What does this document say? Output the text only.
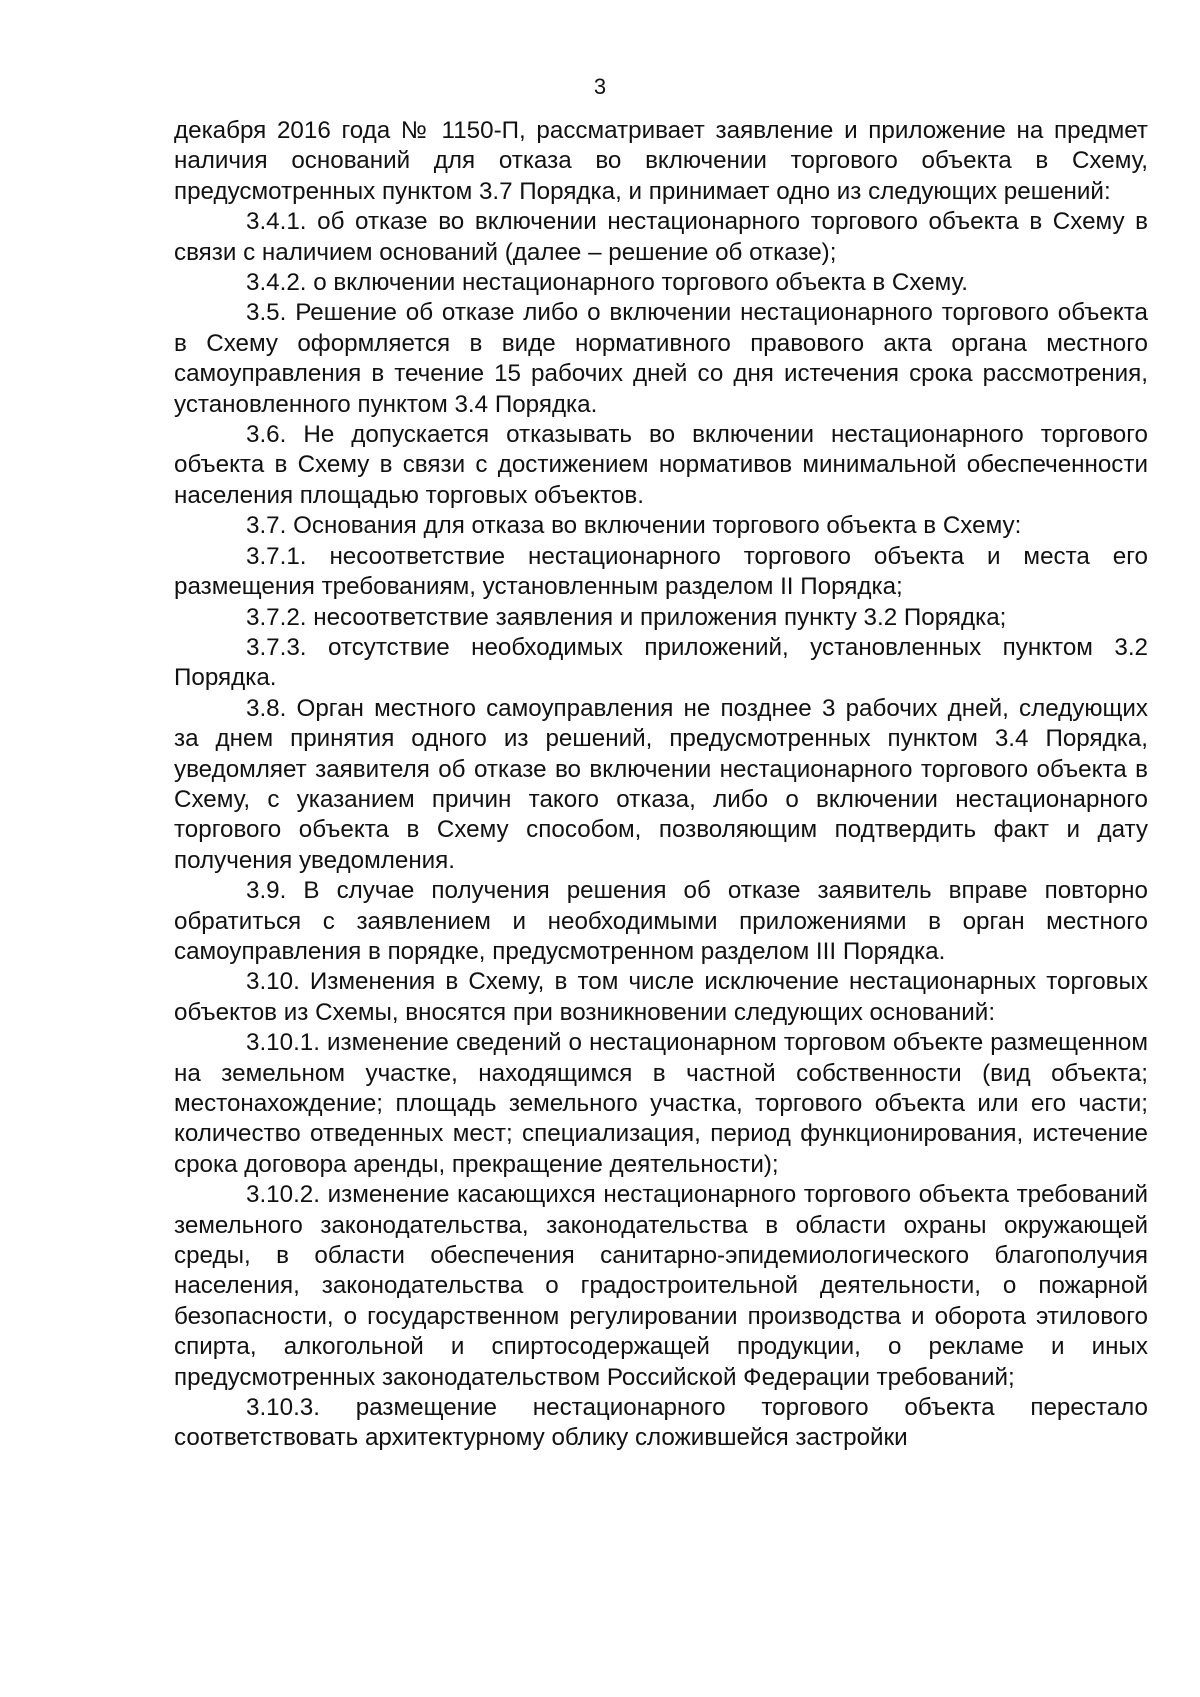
3

декабря 2016 года № 1150-П, рассматривает заявление и приложение на предмет наличия оснований для отказа во включении торгового объекта в Схему, предусмотренных пунктом 3.7 Порядка, и принимает одно из следующих решений:

3.4.1. об отказе во включении нестационарного торгового объекта в Схему в связи с наличием оснований (далее – решение об отказе);

3.4.2. о включении нестационарного торгового объекта в Схему.

3.5. Решение об отказе либо о включении нестационарного торгового объекта в Схему оформляется в виде нормативного правового акта органа местного самоуправления в течение 15 рабочих дней со дня истечения срока рассмотрения, установленного пунктом 3.4 Порядка.

3.6. Не допускается отказывать во включении нестационарного торгового объекта в Схему в связи с достижением нормативов минимальной обеспеченности населения площадью торговых объектов.

3.7. Основания для отказа во включении торгового объекта в Схему:

3.7.1. несоответствие нестационарного торгового объекта и места его размещения требованиям, установленным разделом II Порядка;

3.7.2. несоответствие заявления и приложения пункту 3.2 Порядка;

3.7.3. отсутствие необходимых приложений, установленных пунктом 3.2 Порядка.

3.8. Орган местного самоуправления не позднее 3 рабочих дней, следующих за днем принятия одного из решений, предусмотренных пунктом 3.4 Порядка, уведомляет заявителя об отказе во включении нестационарного торгового объекта в Схему, с указанием причин такого отказа, либо о включении нестационарного торгового объекта в Схему способом, позволяющим подтвердить факт и дату получения уведомления.

3.9. В случае получения решения об отказе заявитель вправе повторно обратиться с заявлением и необходимыми приложениями в орган местного самоуправления в порядке, предусмотренном разделом III Порядка.

3.10. Изменения в Схему, в том числе исключение нестационарных торговых объектов из Схемы, вносятся при возникновении следующих оснований:

3.10.1. изменение сведений о нестационарном торговом объекте размещенном на земельном участке, находящимся в частной собственности (вид объекта; местонахождение; площадь земельного участка, торгового объекта или его части; количество отведенных мест; специализация, период функционирования, истечение срока договора аренды, прекращение деятельности);

3.10.2. изменение касающихся нестационарного торгового объекта требований земельного законодательства, законодательства в области охраны окружающей среды, в области обеспечения санитарно-эпидемиологического благополучия населения, законодательства о градостроительной деятельности, о пожарной безопасности, о государственном регулировании производства и оборота этилового спирта, алкогольной и спиртосодержащей продукции, о рекламе и иных предусмотренных законодательством Российской Федерации требований;

3.10.3. размещение нестационарного торгового объекта перестало соответствовать архитектурному облику сложившейся застройки
